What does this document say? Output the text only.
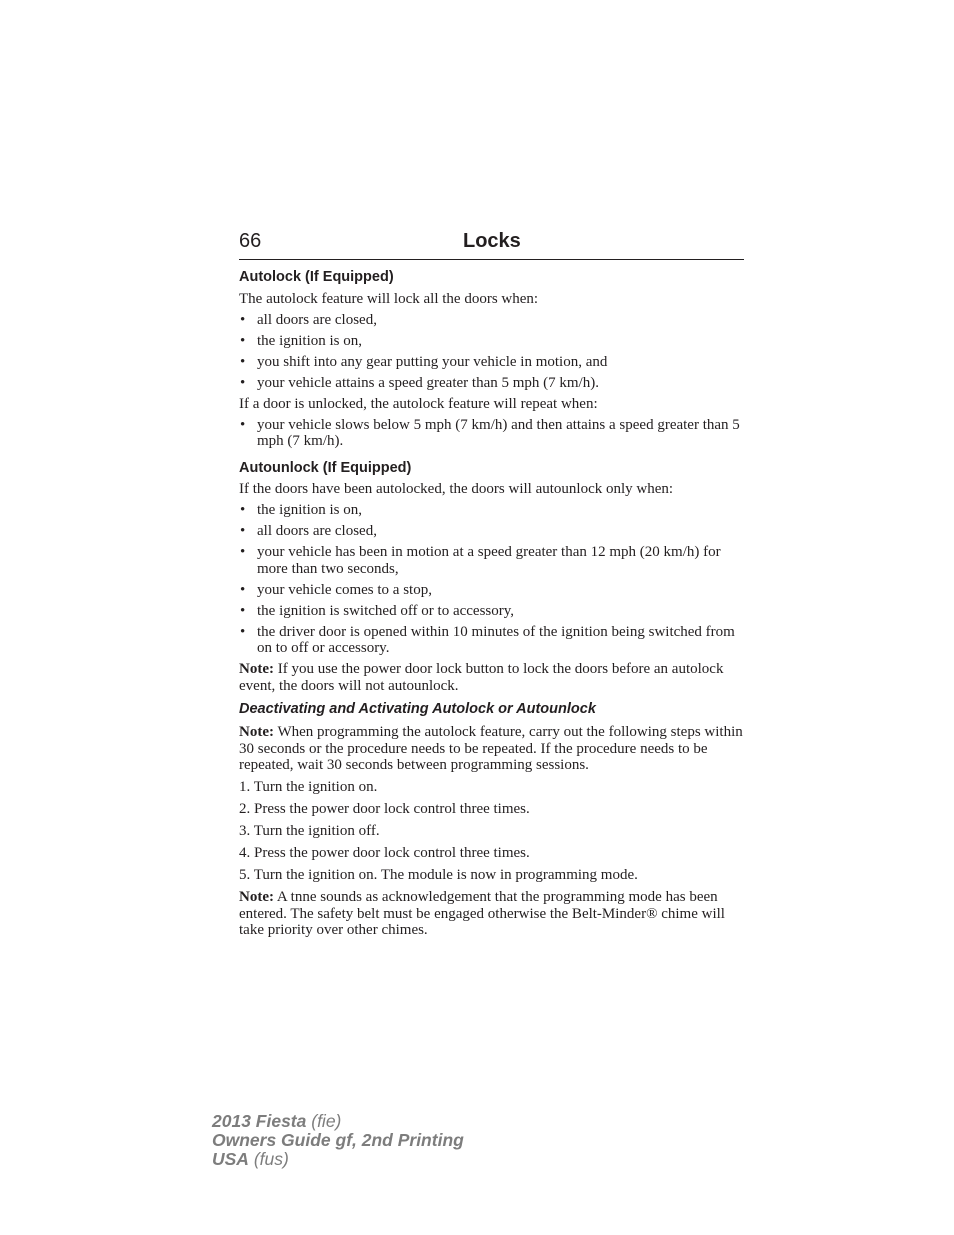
66	Locks
Autolock (If Equipped)

The autolock feature will lock all the doors when:

• all doors are closed,
• the ignition is on,
• you shift into any gear putting your vehicle in motion, and
• your vehicle attains a speed greater than 5 mph (7 km/h).

If a door is unlocked, the autolock feature will repeat when:

• your vehicle slows below 5 mph (7 km/h) and then attains a speed greater than 5 mph (7 km/h).
Autounlock (If Equipped)

If the doors have been autolocked, the doors will autounlock only when:

• the ignition is on,
• all doors are closed,
• your vehicle has been in motion at a speed greater than 12 mph (20 km/h) for more than two seconds,
• your vehicle comes to a stop,
• the ignition is switched off or to accessory,
• the driver door is opened within 10 minutes of the ignition being switched from on to off or accessory.

Note: If you use the power door lock button to lock the doors before an autolock event, the doors will not autounlock.

Deactivating and Activating Autolock or Autounlock

Note: When programming the autolock feature, carry out the following steps within 30 seconds or the procedure needs to be repeated. If the procedure needs to be repeated, wait 30 seconds between programming sessions.

1. Turn the ignition on.
2. Press the power door lock control three times.
3. Turn the ignition off.
4. Press the power door lock control three times.
5. Turn the ignition on. The module is now in programming mode.

Note: A tnne sounds as acknowledgement that the programming mode has been entered. The safety belt must be engaged otherwise the Belt-Minder® chime will take priority over other chimes.

2013 Fiesta (fie)
Owners Guide gf, 2nd Printing
USA (fus)
